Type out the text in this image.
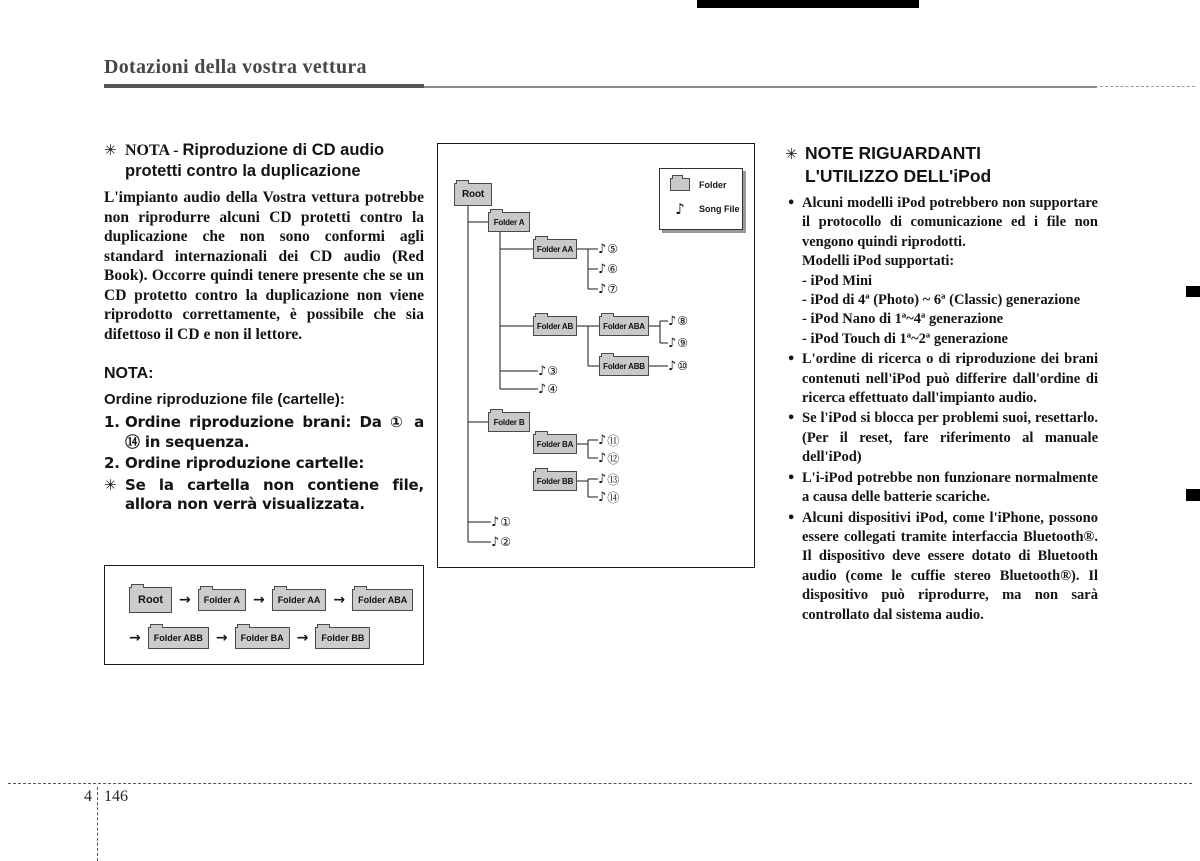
Dotazioni della vostra vettura

✳ NOTA - Riproduzione di CD audio protetti contro la duplicazione

L'impianto audio della Vostra vettura potrebbe non riprodurre alcuni CD protetti contro la duplicazione che non sono conformi agli standard internazionali dei CD audio (Red Book). Occorre quindi tenere presente che se un CD protetto contro la duplicazione non viene riprodotto correttamente, è possibile che sia difettoso il CD e non il lettore.

NOTA:

Ordine riproduzione file (cartelle):

1. Ordine riproduzione brani: Da ① a ⑭ in sequenza.

2. Ordine riproduzione cartelle:

✳ Se la cartella non contiene file, allora non verrà visualizzata.

Root → Folder A → Folder AA → Folder ABA
→ Folder ABB → Folder BA → Folder BB
Root
Folder A
Folder AA
Folder AB	Folder ABA
Folder ABB
Folder B
Folder BA
Folder BB
♪ ①
♪ ②
♪ ③
♪ ④
♪ ⑤
♪ ⑥
♪ ⑦
♪ ⑧
♪ ⑨
♪ ⑩
♪ ⑪
♪ ⑫
♪ ⑬
♪ ⑭
Folder
♪	Song File

✳ NOTE RIGUARDANTI
L'UTILIZZO DELL'iPod

• Alcuni modelli iPod potrebbero non supportare il protocollo di comunicazione ed i file non vengono quindi riprodotti.
Modelli iPod supportati:
- iPod Mini
- iPod di 4ª (Photo) ~ 6ª (Classic) generazione
- iPod Nano di 1ª~4ª generazione
- iPod Touch di 1ª~2ª generazione
• L'ordine di ricerca o di riproduzione dei brani contenuti nell'iPod può differire dall'ordine di ricerca effettuato dall'impianto audio.
• Se l'iPod si blocca per problemi suoi, resettarlo. (Per il reset, fare riferimento al manuale dell'iPod)
• L'i-iPod potrebbe non funzionare normalmente a causa delle batterie scariche.
• Alcuni dispositivi iPod, come l'iPhone, possono essere collegati tramite interfaccia Bluetooth®. Il dispositivo deve essere dotato di Bluetooth audio (come le cuffie stereo Bluetooth®). Il dispositivo può riprodurre, ma non sarà controllato dal sistema audio.
4 146
